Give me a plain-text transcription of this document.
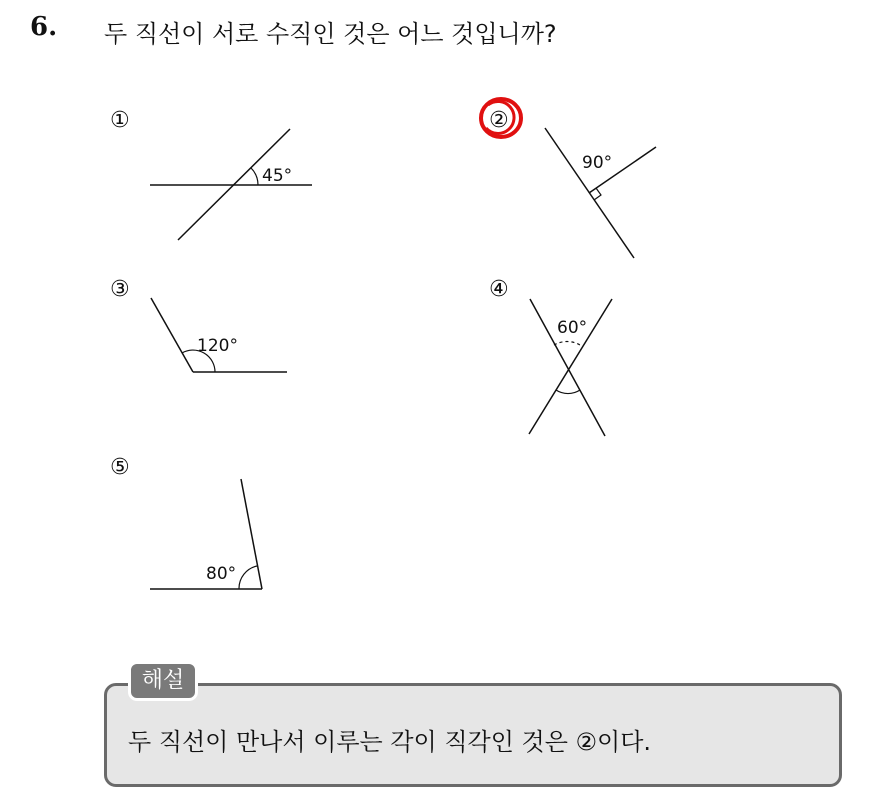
6. 두 직선이 서로 수직인 것은 어느 것입니까?
①	②
③	④
⑤
45°
90°
120°
60°
80°
해설
두 직선이 만나서 이루는 각이 직각인 것은 ②이다.
